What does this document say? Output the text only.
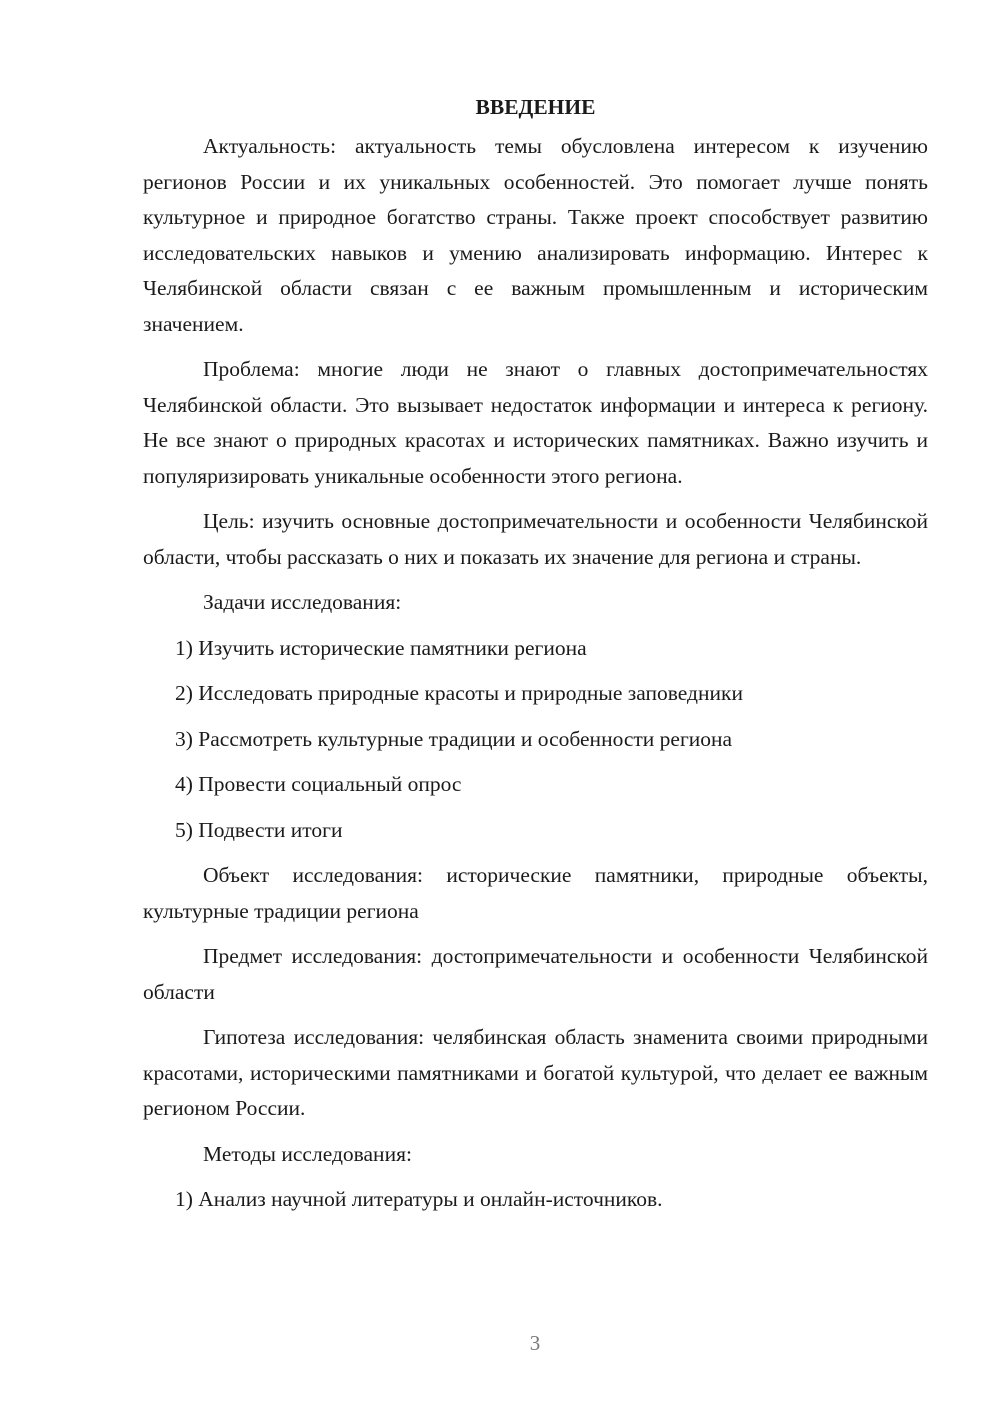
ВВЕДЕНИЕ

Актуальность: актуальность темы обусловлена интересом к изучению регионов России и их уникальных особенностей. Это помогает лучше понять культурное и природное богатство страны. Также проект способствует развитию исследовательских навыков и умению анализировать информацию. Интерес к Челябинской области связан с ее важным промышленным и историческим значением.

Проблема: многие люди не знают о главных достопримечательностях Челябинской области. Это вызывает недостаток информации и интереса к региону. Не все знают о природных красотах и исторических памятниках. Важно изучить и популяризировать уникальные особенности этого региона.

Цель: изучить основные достопримечательности и особенности Челябинской области, чтобы рассказать о них и показать их значение для региона и страны.

Задачи исследования:
1) Изучить исторические памятники региона
2) Исследовать природные красоты и природные заповедники
3) Рассмотреть культурные традиции и особенности региона
4) Провести социальный опрос
5) Подвести итоги

Объект исследования: исторические памятники, природные объекты, культурные традиции региона

Предмет исследования: достопримечательности и особенности Челябинской области

Гипотеза исследования: челябинская область знаменита своими природными красотами, историческими памятниками и богатой культурой, что делает ее важным регионом России.

Методы исследования:
1) Анализ научной литературы и онлайн-источников.
3
